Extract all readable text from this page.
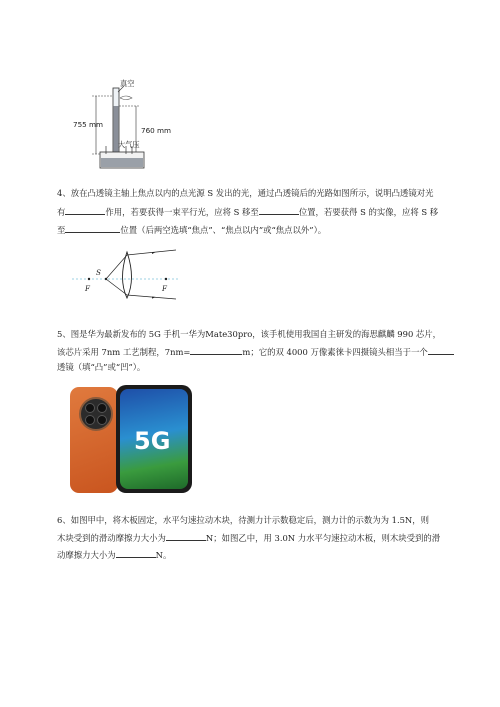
真空
755 mm
760 mm
大气压
4、放在凸透镜主轴上焦点以内的点光源 S 发出的光，通过凸透镜后的光路如图所示，说明凸透镜对光
有	作用，若要获得一束平行光，应将 S 移至	位置，若要获得 S 的实像，应将 S 移
至	位置（后两空选填“焦点”、“焦点以内”或“焦点以外”）。
S
F	F
5、图是华为最新发布的 5G 手机一华为Mate30pro，该手机使用我国自主研发的海思麒麟 990 芯片，
该芯片采用 7nm 工艺制程，7nm=	m；它的双 4000 万像素徕卡四摄镜头相当于一个
透镜（填“凸”或“凹”）。
5G
6、如图甲中，将木板固定，水平匀速拉动木块，待测力计示数稳定后，测力计的示数为为 1.5N，则
木块受到的滑动摩擦力大小为	N；如图乙中，用 3.0N 力水平匀速拉动木板，则木块受到的滑
动摩擦力大小为	N。
